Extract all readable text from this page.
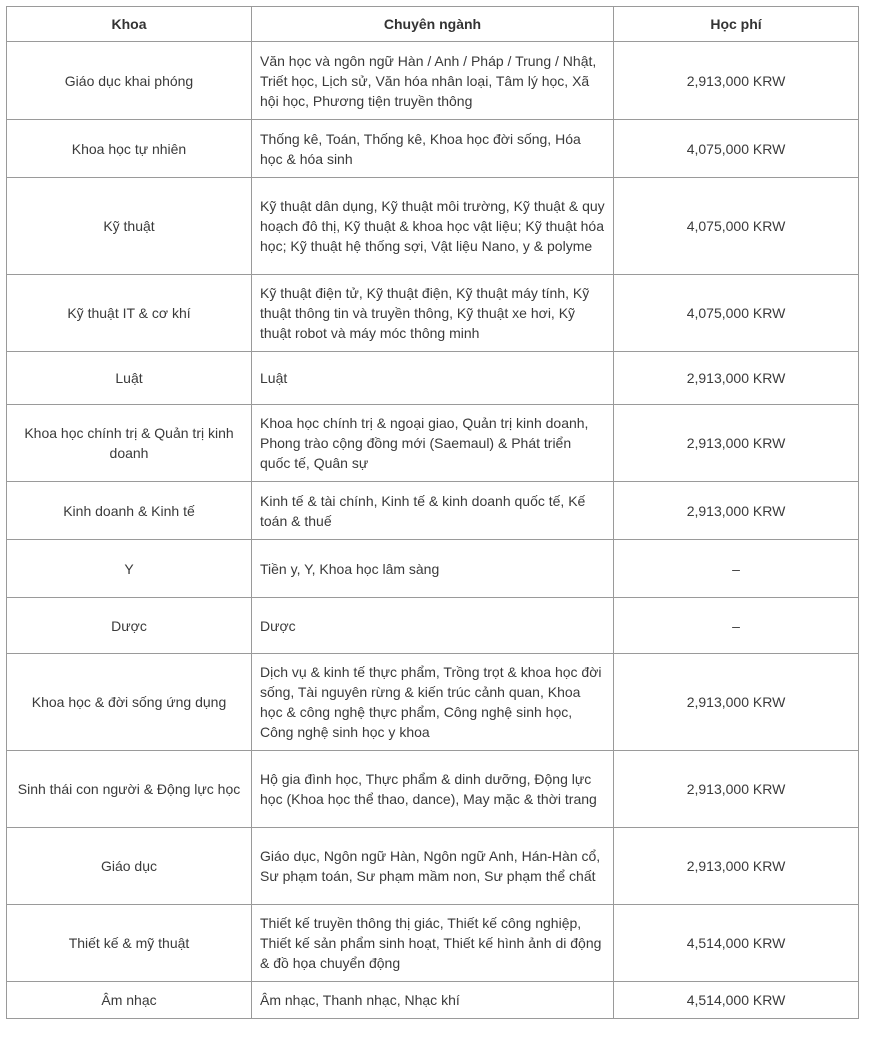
Khoa	Chuyên ngành	Học phí
Giáo dục khai phóng	Văn học và ngôn ngữ Hàn / Anh / Pháp / Trung / Nhật, Triết học, Lịch sử, Văn hóa nhân loại, Tâm lý học, Xã hội học, Phương tiện truyền thông	2,913,000 KRW
Khoa học tự nhiên	Thống kê, Toán, Thống kê, Khoa học đời sống, Hóa học & hóa sinh	4,075,000 KRW
Kỹ thuật	Kỹ thuật dân dụng, Kỹ thuật môi trường, Kỹ thuật & quy hoạch đô thị, Kỹ thuật & khoa học vật liệu; Kỹ thuật hóa học; Kỹ thuật hệ thống sợi, Vật liệu Nano, y & polyme	4,075,000 KRW
Kỹ thuật IT & cơ khí	Kỹ thuật điện tử, Kỹ thuật điện, Kỹ thuật máy tính, Kỹ thuật thông tin và truyền thông, Kỹ thuật xe hơi, Kỹ thuật robot và máy móc thông minh	4,075,000 KRW
Luật	Luật	2,913,000 KRW
Khoa học chính trị & Quản trị kinh doanh	Khoa học chính trị & ngoại giao, Quản trị kinh doanh, Phong trào cộng đồng mới (Saemaul) & Phát triển quốc tế, Quân sự	2,913,000 KRW
Kinh doanh & Kinh tế	Kinh tế & tài chính, Kinh tế & kinh doanh quốc tế, Kế toán & thuế	2,913,000 KRW
Y	Tiền y, Y, Khoa học lâm sàng	–
Dược	Dược	–
Khoa học & đời sống ứng dụng	Dịch vụ & kinh tế thực phẩm, Trồng trọt & khoa học đời sống, Tài nguyên rừng & kiến trúc cảnh quan, Khoa học & công nghệ thực phẩm, Công nghệ sinh học, Công nghệ sinh học y khoa	2,913,000 KRW
Sinh thái con người & Động lực học	Hộ gia đình học, Thực phẩm & dinh dưỡng, Động lực học (Khoa học thể thao, dance), May mặc & thời trang	2,913,000 KRW
Giáo dục	Giáo dục, Ngôn ngữ Hàn, Ngôn ngữ Anh, Hán-Hàn cổ, Sư phạm toán, Sư phạm mầm non, Sư phạm thể chất	2,913,000 KRW
Thiết kế & mỹ thuật	Thiết kế truyền thông thị giác, Thiết kế công nghiệp, Thiết kế sản phẩm sinh hoạt, Thiết kế hình ảnh di động & đồ họa chuyển động	4,514,000 KRW
Âm nhạc	Âm nhạc, Thanh nhạc, Nhạc khí	4,514,000 KRW
